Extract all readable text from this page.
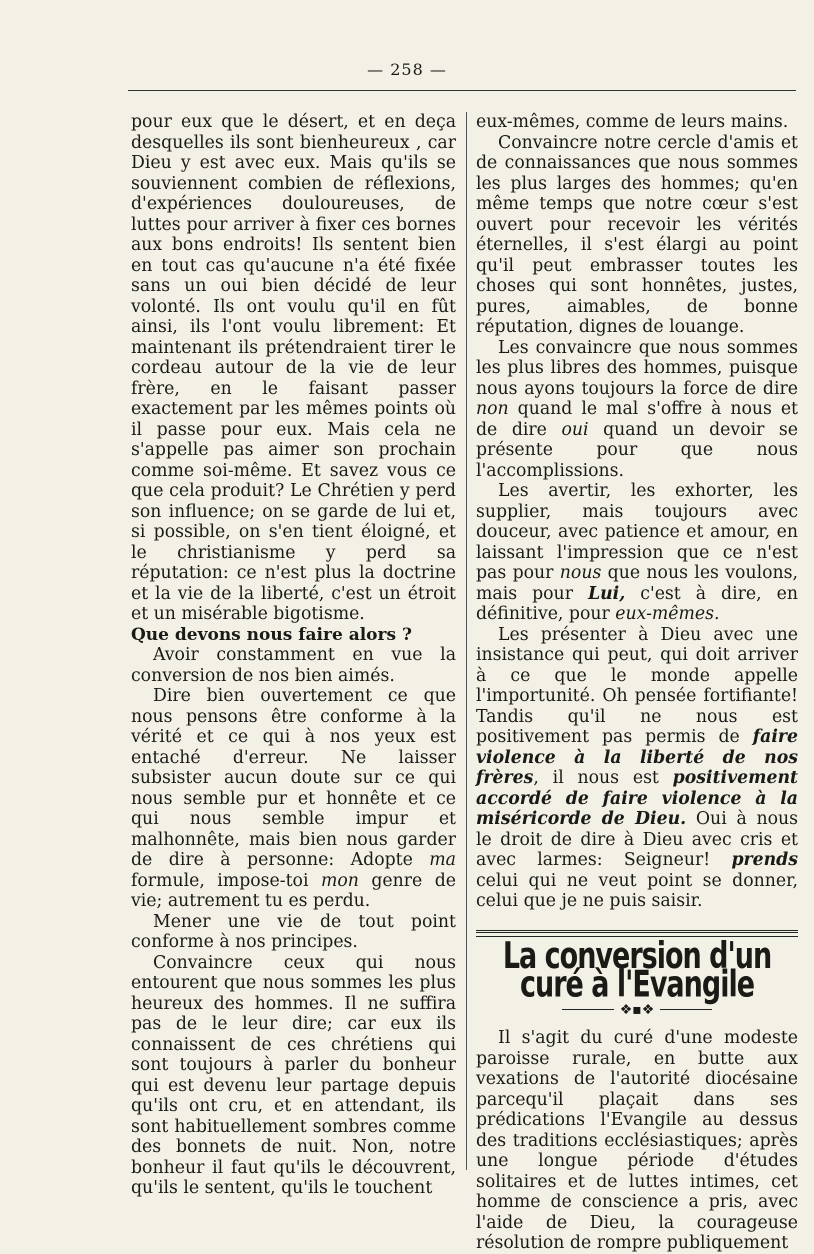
— 258 —

pour eux que le désert, et en deça desquelles ils sont bienheureux , car Dieu y est avec eux. Mais qu'ils se souviennent combien de réflexions, d'expériences douloureuses, de luttes pour arriver à fixer ces bornes aux bons endroits! Ils sentent bien en tout cas qu'aucune n'a été fixée sans un oui bien décidé de leur volonté. Ils ont voulu qu'il en fût ainsi, ils l'ont voulu librement: Et maintenant ils prétendraient tirer le cordeau autour de la vie de leur frère, en le faisant passer exactement par les mêmes points où il passe pour eux. Mais cela ne s'appelle pas aimer son prochain comme soi-même. Et savez vous ce que cela produit? Le Chrétien y perd son influence; on se garde de lui et, si possible, on s'en tient éloigné, et le christianisme y perd sa réputation: ce n'est plus la doctrine et la vie de la liberté, c'est un étroit et un misérable bigotisme.

Que devons nous faire alors ?

Avoir constamment en vue la conversion de nos bien aimés.

Dire bien ouvertement ce que nous pensons être conforme à la vérité et ce qui à nos yeux est entaché d'erreur. Ne laisser subsister aucun doute sur ce qui nous semble pur et honnête et ce qui nous semble impur et malhonnête, mais bien nous garder de dire à personne: Adopte ma formule, impose-toi mon genre de vie; autrement tu es perdu.

Mener une vie de tout point conforme à nos principes.

Convaincre ceux qui nous entourent que nous sommes les plus heureux des hommes. Il ne suffira pas de le leur dire; car eux ils connaissent de ces chrétiens qui sont toujours à parler du bonheur qui est devenu leur partage depuis qu'ils ont cru, et en attendant, ils sont habituellement sombres comme des bonnets de nuit. Non, notre bonheur il faut qu'ils le découvrent, qu'ils le sentent, qu'ils le touchent

eux-mêmes, comme de leurs mains.

Convaincre notre cercle d'amis et de connaissances que nous sommes les plus larges des hommes; qu'en même temps que notre cœur s'est ouvert pour recevoir les vérités éternelles, il s'est élargi au point qu'il peut embrasser toutes les choses qui sont honnêtes, justes, pures, aimables, de bonne réputation, dignes de louange.

Les convaincre que nous sommes les plus libres des hommes, puisque nous ayons toujours la force de dire non quand le mal s'offre à nous et de dire oui quand un devoir se présente pour que nous l'accomplissions.

Les avertir, les exhorter, les supplier, mais toujours avec douceur, avec patience et amour, en laissant l'impression que ce n'est pas pour nous que nous les voulons, mais pour Lui, c'est à dire, en définitive, pour eux-mêmes.

Les présenter à Dieu avec une insistance qui peut, qui doit arriver à ce que le monde appelle l'importunité. Oh pensée fortifiante! Tandis qu'il ne nous est positivement pas permis de faire violence à la liberté de nos frères, il nous est positivement accordé de faire violence à la miséricorde de Dieu. Oui à nous le droit de dire à Dieu avec cris et avec larmes: Seigneur! prends celui qui ne veut point se donner, celui que je ne puis saisir.

La conversion d'un curé à l'Evangile
❖▪❖

Il s'agit du curé d'une modeste paroisse rurale, en butte aux vexations de l'autorité diocésaine parcequ'il plaçait dans ses prédications l'Evangile au dessus des traditions ecclésiastiques; après une longue période d'études solitaires et de luttes intimes, cet homme de conscience a pris, avec l'aide de Dieu, la courageuse résolution de rompre publiquement
